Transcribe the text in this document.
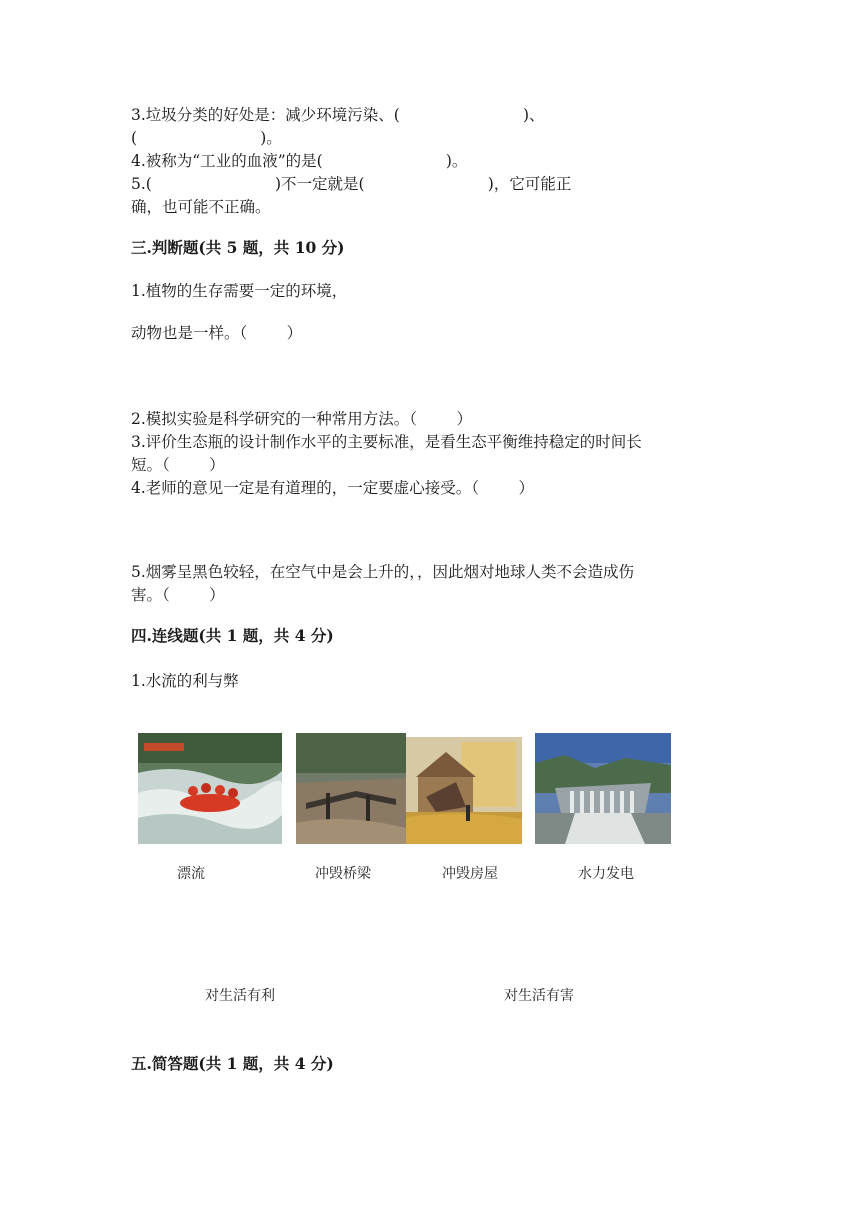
3.垃圾分类的好处是：减少环境污染、(                         )、
(                         )。
4.被称为“工业的血液”的是(                         )。
5.(                         )不一定就是(                         )，它可能正
确，也可能不正确。
三.判断题(共 5 题，共 10 分)
1.植物的生存需要一定的环境，
动物也是一样。（        ）
2.模拟实验是科学研究的一种常用方法。（        ）
3.评价生态瓶的设计制作水平的主要标准，是看生态平衡维持稳定的时间长
短。（        ）
4.老师的意见一定是有道理的，一定要虚心接受。（        ）
5.烟雾呈黑色较轻，在空气中是会上升的，，因此烟对地球人类不会造成伤
害。（        ）
四.连线题(共 1 题，共 4 分)
1.水流的利与弊
漂流	冲毁桥梁	冲毁房屋	水力发电
对生活有利	对生活有害
五.简答题(共 1 题，共 4 分)
